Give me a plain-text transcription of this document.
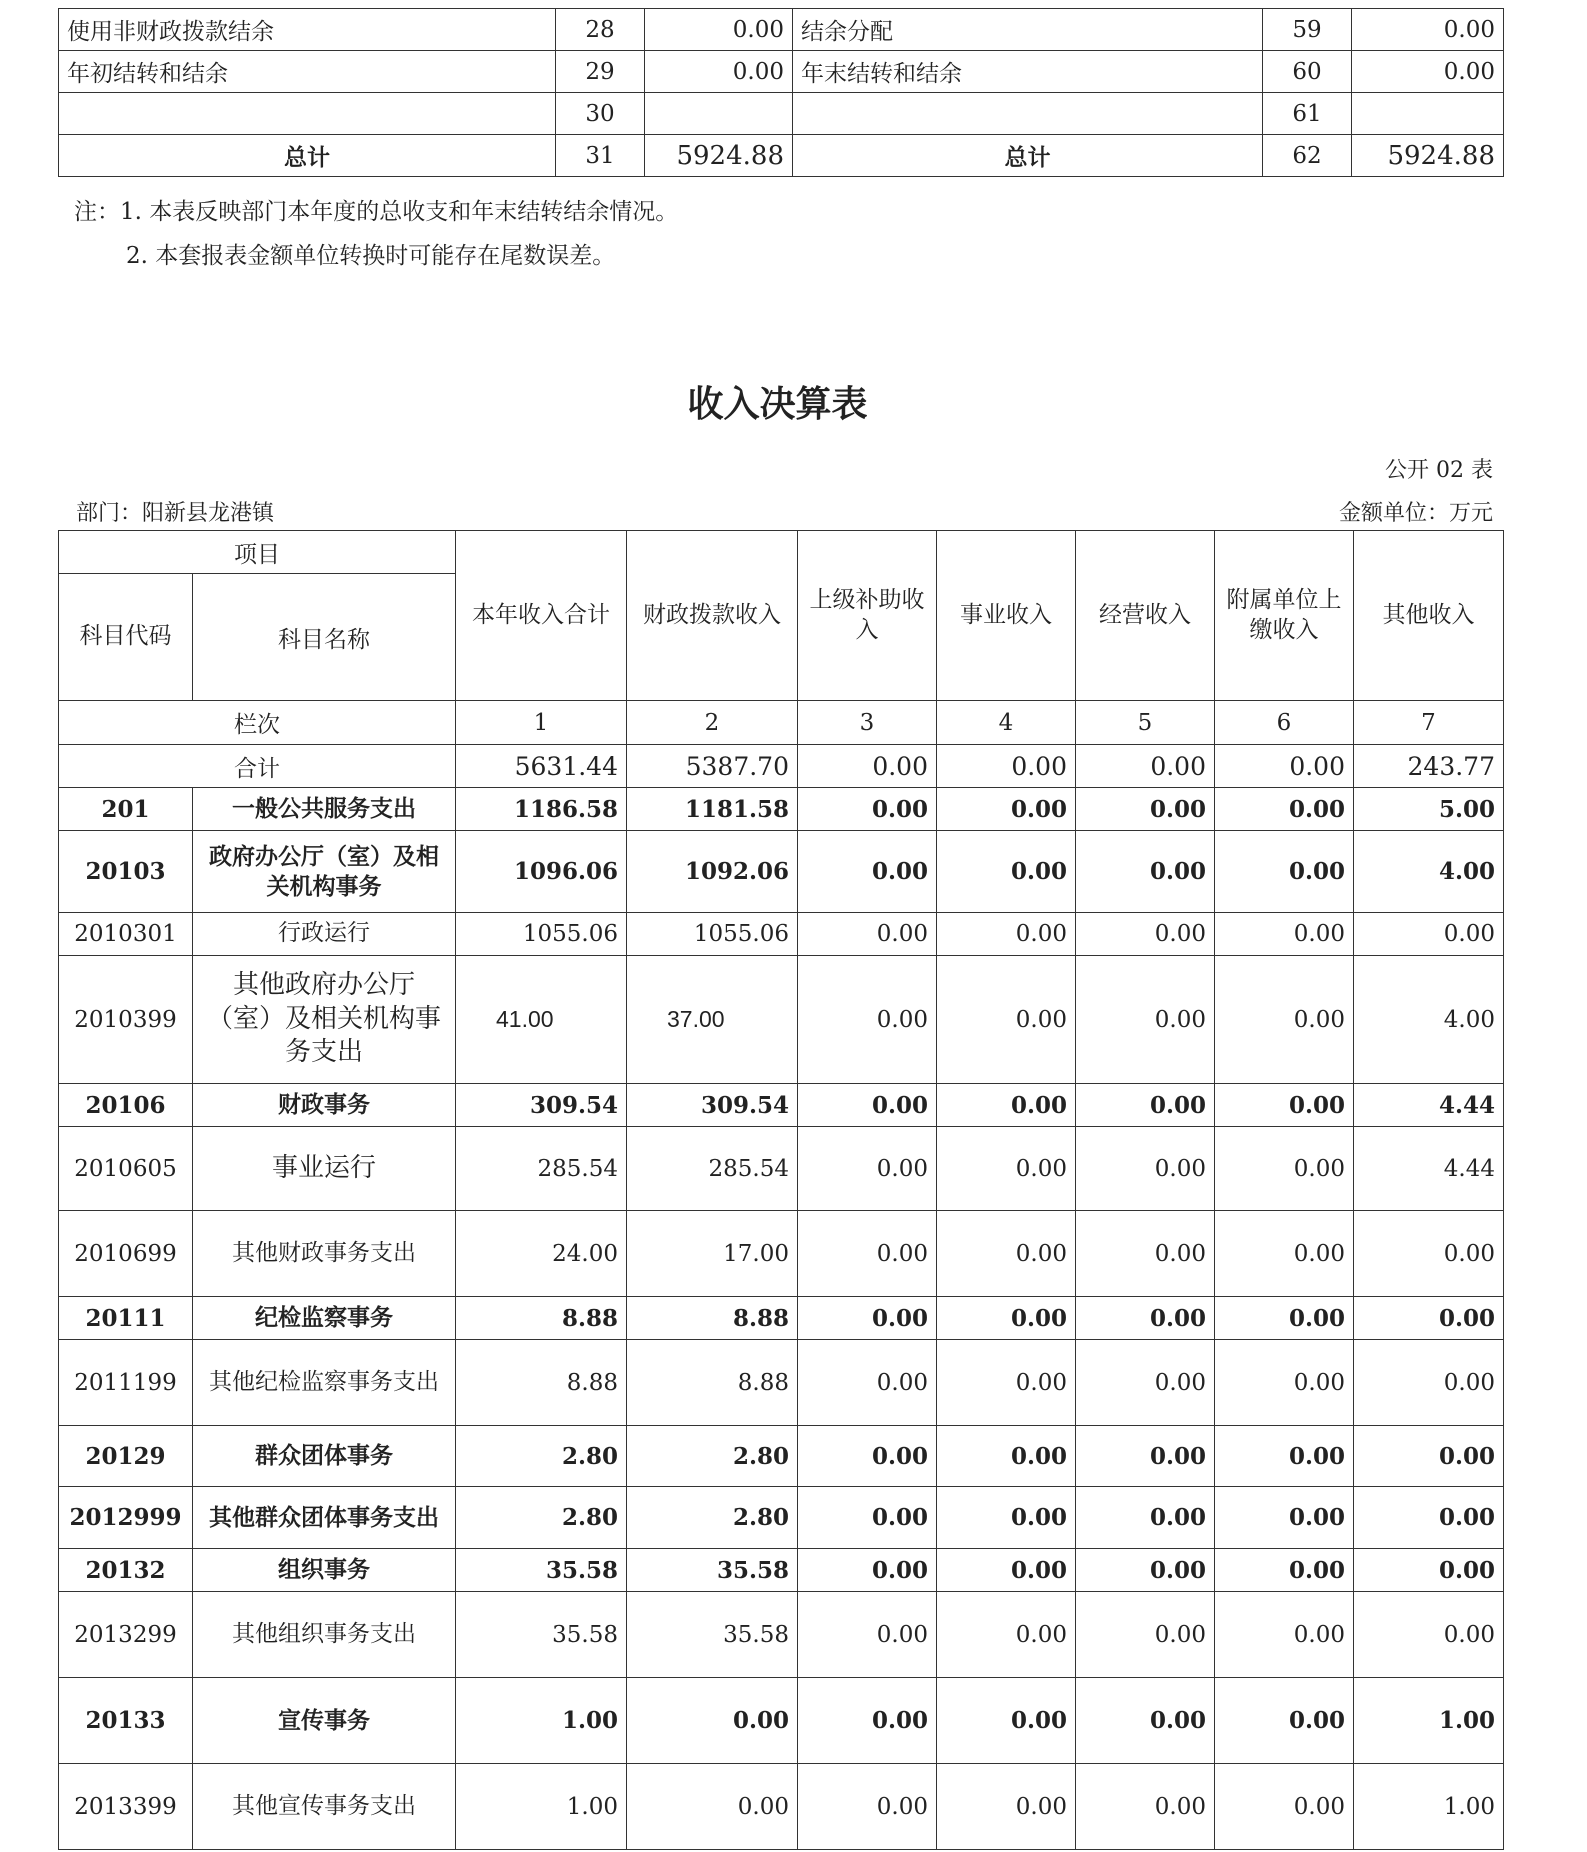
使用非财政拨款结余	28	0.00	结余分配	59	0.00
年初结转和结余	29	0.00	年末结转和结余	60	0.00
	30			61	
总计	31	5924.88	总计	62	5924.88
注：1. 本表反映部门本年度的总收支和年末结转结余情况。
2. 本套报表金额单位转换时可能存在尾数误差。
收入决算表
公开 02 表
部门：阳新县龙港镇	金额单位：万元
项目		本年收入合计	财政拨款收入	上级补助收入	事业收入	经营收入	附属单位上缴收入	其他收入
科目代码	科目名称							
栏次		1	2	3	4	5	6	7
合计		5631.44	5387.70	0.00	0.00	0.00	0.00	243.77
201	一般公共服务支出	1186.58	1181.58	0.00	0.00	0.00	0.00	5.00
20103	政府办公厅（室）及相关机构事务	1096.06	1092.06	0.00	0.00	0.00	0.00	4.00
2010301	行政运行	1055.06	1055.06	0.00	0.00	0.00	0.00	0.00
2010399	其他政府办公厅（室）及相关机构事务支出	41.00	37.00	0.00	0.00	0.00	0.00	4.00
20106	财政事务	309.54	309.54	0.00	0.00	0.00	0.00	4.44
2010605	事业运行	285.54	285.54	0.00	0.00	0.00	0.00	4.44
2010699	其他财政事务支出	24.00	17.00	0.00	0.00	0.00	0.00	0.00
20111	纪检监察事务	8.88	8.88	0.00	0.00	0.00	0.00	0.00
2011199	其他纪检监察事务支出	8.88	8.88	0.00	0.00	0.00	0.00	0.00
20129	群众团体事务	2.80	2.80	0.00	0.00	0.00	0.00	0.00
2012999	其他群众团体事务支出	2.80	2.80	0.00	0.00	0.00	0.00	0.00
20132	组织事务	35.58	35.58	0.00	0.00	0.00	0.00	0.00
2013299	其他组织事务支出	35.58	35.58	0.00	0.00	0.00	0.00	0.00
20133	宣传事务	1.00	0.00	0.00	0.00	0.00	0.00	1.00
2013399	其他宣传事务支出	1.00	0.00	0.00	0.00	0.00	0.00	1.00
